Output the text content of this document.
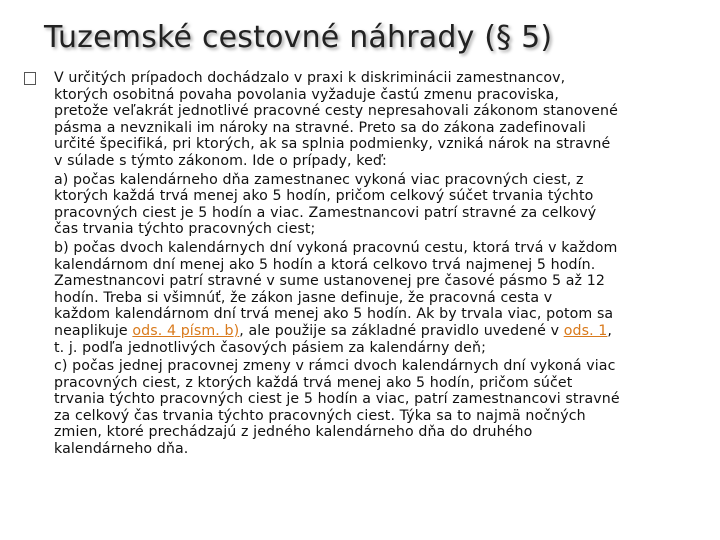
Tuzemské cestovné náhrady (§ 5)
V určitých prípadoch dochádzalo v praxi k diskriminácii zamestnancov,
ktorých osobitná povaha povolania vyžaduje častú zmenu pracoviska,
pretože veľakrát jednotlivé pracovné cesty nepresahovali zákonom stanovené
pásma a nevznikali im nároky na stravné. Preto sa do zákona zadefinovali
určité špecifiká, pri ktorých, ak sa splnia podmienky, vzniká nárok na stravné
v súlade s týmto zákonom. Ide o prípady, keď:
a) počas kalendárneho dňa zamestnanec vykoná viac pracovných ciest, z
ktorých každá trvá menej ako 5 hodín, pričom celkový súčet trvania týchto
pracovných ciest je 5 hodín a viac. Zamestnancovi patrí stravné za celkový
čas trvania týchto pracovných ciest;
b) počas dvoch kalendárnych dní vykoná pracovnú cestu, ktorá trvá v každom
kalendárnom dní menej ako 5 hodín a ktorá celkovo trvá najmenej 5 hodín.
Zamestnancovi patrí stravné v sume ustanovenej pre časové pásmo 5 až 12
hodín. Treba si všimnúť, že zákon jasne definuje, že pracovná cesta v
každom kalendárnom dní trvá menej ako 5 hodín. Ak by trvala viac, potom sa
neaplikuje ods. 4 písm. b), ale použije sa základné pravidlo uvedené v ods. 1,
t. j. podľa jednotlivých časových pásiem za kalendárny deň;
c) počas jednej pracovnej zmeny v rámci dvoch kalendárnych dní vykoná viac
pracovných ciest, z ktorých každá trvá menej ako 5 hodín, pričom súčet
trvania týchto pracovných ciest je 5 hodín a viac, patrí zamestnancovi stravné
za celkový čas trvania týchto pracovných ciest. Týka sa to najmä nočných
zmien, ktoré prechádzajú z jedného kalendárneho dňa do druhého
kalendárneho dňa.
